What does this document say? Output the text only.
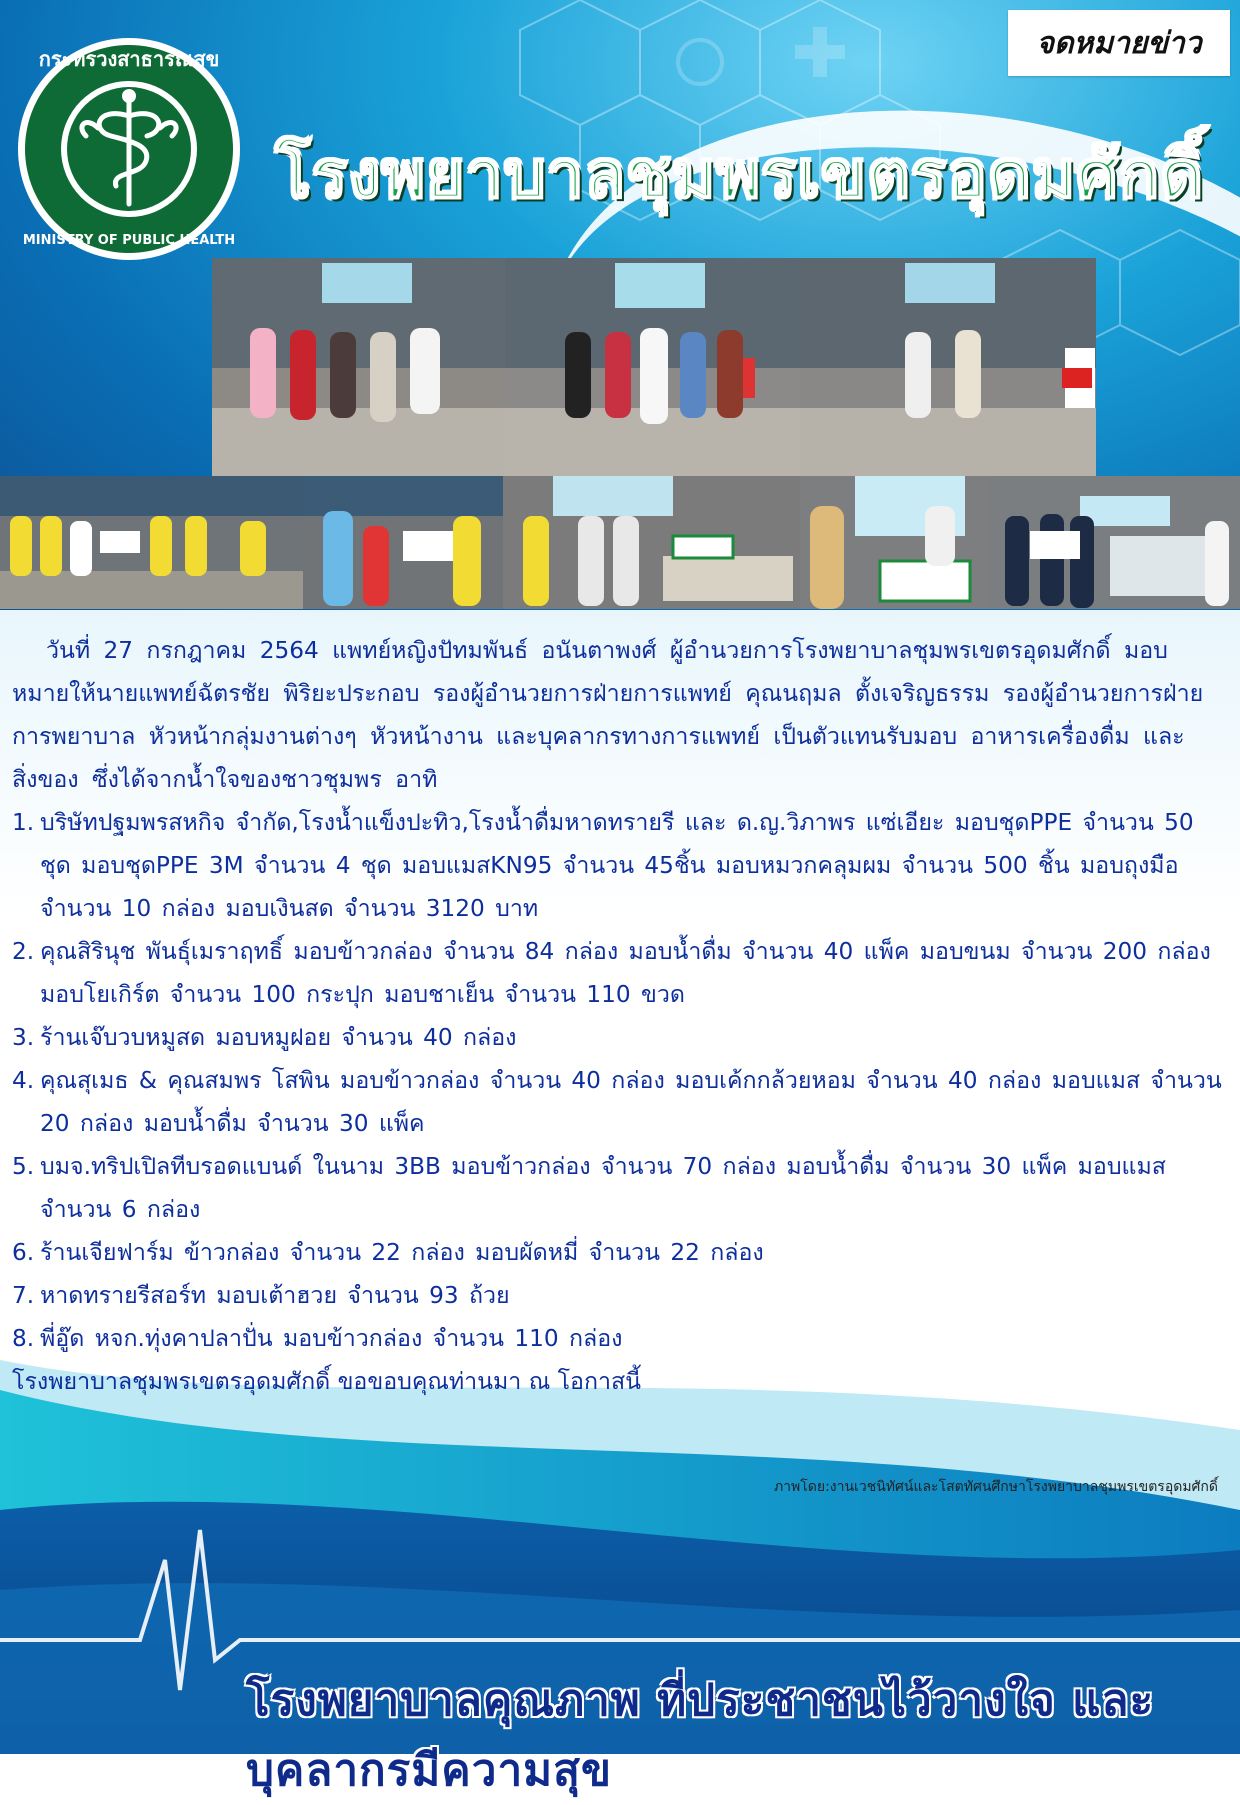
จดหมายข่าว
กระทรวงสาธารณสุข
MINISTRY OF PUBLIC HEALTH
โรงพยาบาลชุมพรเขตรอุดมศักดิ์

วันที่ 27 กรกฎาคม 2564 แพทย์หญิงปัทมพันธ์ อนันตาพงศ์ ผู้อำนวยการโรงพยาบาลชุมพรเขตรอุดมศักดิ์ มอบหมายให้นายแพทย์ฉัตรชัย พิริยะประกอบ รองผู้อำนวยการฝ่ายการแพทย์ คุณนฤมล ตั้งเจริญธรรม รองผู้อำนวยการฝ่ายการพยาบาล หัวหน้ากลุ่มงานต่างๆ หัวหน้างาน และบุคลากรทางการแพทย์ เป็นตัวแทนรับมอบ อาหารเครื่องดื่ม และสิ่งของ ซึ่งได้จากน้ำใจของชาวชุมพร อาทิ

1. บริษัทปฐมพรสหกิจ จำกัด,โรงน้ำแข็งปะทิว,โรงน้ำดื่มหาดทรายรี และ ด.ญ.วิภาพร แซ่เอียะ มอบชุดPPE จำนวน 50 ชุด มอบชุดPPE 3M จำนวน 4 ชุด มอบแมสKN95 จำนวน 45ชิ้น มอบหมวกคลุมผม จำนวน 500 ชิ้น มอบถุงมือ จำนวน 10 กล่อง มอบเงินสด จำนวน 3120 บาท
2. คุณสิรินุช พันธุ์เมราฤทธิ์ มอบข้าวกล่อง จำนวน 84 กล่อง มอบน้ำดื่ม จำนวน 40 แพ็ค มอบขนม จำนวน 200 กล่อง มอบโยเกิร์ต จำนวน 100 กระปุก มอบชาเย็น จำนวน 110 ขวด
3. ร้านเจ๊บวบหมูสด มอบหมูฝอย จำนวน 40 กล่อง
4. คุณสุเมธ & คุณสมพร โสพิน มอบข้าวกล่อง จำนวน 40 กล่อง มอบเค้กกล้วยหอม จำนวน 40 กล่อง มอบแมส จำนวน 20 กล่อง มอบน้ำดื่ม จำนวน 30 แพ็ค
5. บมจ.ทริปเปิลทีบรอดแบนด์ ในนาม 3BB มอบข้าวกล่อง จำนวน 70 กล่อง มอบน้ำดื่ม จำนวน 30 แพ็ค มอบแมส จำนวน 6 กล่อง
6. ร้านเจียฟาร์ม ข้าวกล่อง จำนวน 22 กล่อง มอบผัดหมี่ จำนวน 22 กล่อง
7. หาดทรายรีสอร์ท มอบเต้าฮวย จำนวน 93 ถ้วย
8. พี่อู๊ด หจก.ทุ่งคาปลาปั่น มอบข้าวกล่อง จำนวน 110 กล่อง

โรงพยาบาลชุมพรเขตรอุดมศักดิ์ ขอขอบคุณท่านมา ณ โอกาสนี้

ภาพโดย:งานเวชนิทัศน์และโสตทัศนศึกษาโรงพยาบาลชุมพรเขตรอุดมศักดิ์
โรงพยาบาลคุณภาพ ที่ประชาชนไว้วางใจ และบุคลากรมีความสุข
